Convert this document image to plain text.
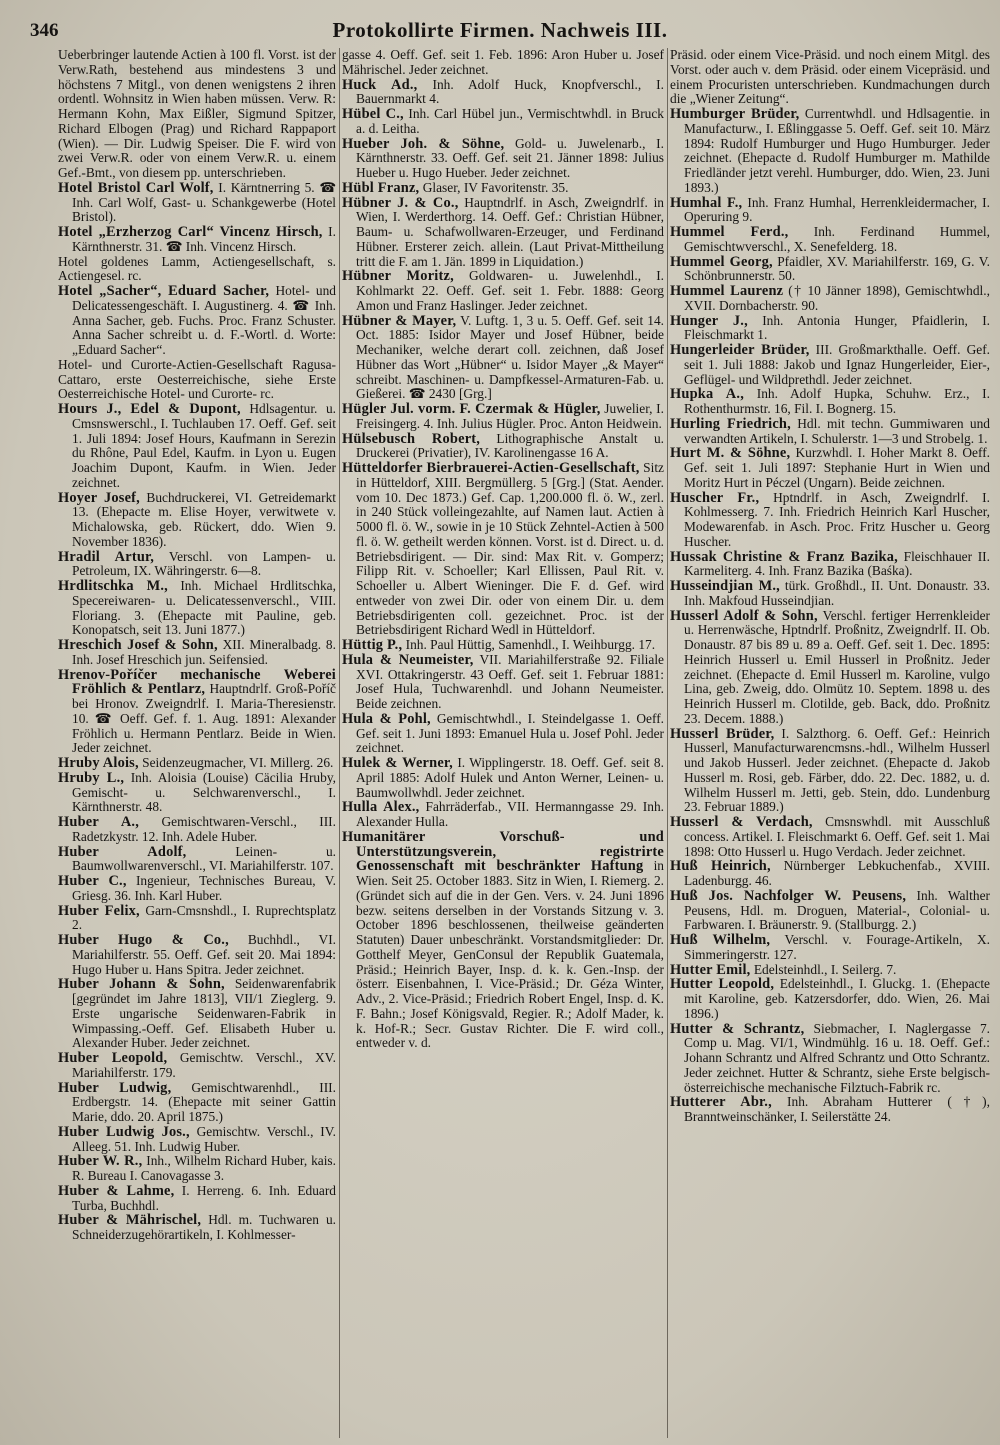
346	Protokollirte Firmen. Nachweis III.

Ueberbringer lautende Actien à 100 fl. Vorst. ist der Verw.Rath, bestehend aus mindestens 3 und höchstens 7 Mitgl., von denen wenigstens 2 ihren ordentl. Wohnsitz in Wien haben müssen. Verw. R: Hermann Kohn, Max Eißler, Sigmund Spitzer, Richard Elbogen (Prag) und Richard Rappaport (Wien). — Dir. Ludwig Speiser. Die F. wird von zwei Verw.R. oder von einem Verw.R. u. einem Gef.-Bmt., von diesem pp. unterschrieben.

Hotel Bristol Carl Wolf, I. Kärntnerring 5. ☎ Inh. Carl Wolf, Gast- u. Schankgewerbe (Hotel Bristol).

Hotel „Erzherzog Carl“ Vincenz Hirsch, I. Kärnthnerstr. 31. ☎ Inh. Vincenz Hirsch.

Hotel goldenes Lamm, Actiengesellschaft, s. Actiengesel. rc.

Hotel „Sacher“, Eduard Sacher, Hotel- und Delicatessengeschäft. I. Augustinerg. 4. ☎ Inh. Anna Sacher, geb. Fuchs. Proc. Franz Schuster. Anna Sacher schreibt u. d. F.-Wortl. d. Worte: „Eduard Sacher“.

Hotel- und Curorte-Actien-Gesellschaft Ragusa-Cattaro, erste Oesterreichische, siehe Erste Oesterreichische Hotel- und Curorte- rc.

Hours J., Edel & Dupont, Hdlsagentur. u. Cmsnswerschl., I. Tuchlauben 17. Oeff. Gef. seit 1. Juli 1894: Josef Hours, Kaufmann in Serezin du Rhône, Paul Edel, Kaufm. in Lyon u. Eugen Joachim Dupont, Kaufm. in Wien. Jeder zeichnet.

Hoyer Josef, Buchdruckerei, VI. Getreidemarkt 13. (Ehepacte m. Elise Hoyer, verwitwete v. Michalowska, geb. Rückert, ddo. Wien 9. November 1836).

Hradil Artur, Verschl. von Lampen- u. Petroleum, IX. Währingerstr. 6—8.

Hrdlitschka M., Inh. Michael Hrdlitschka, Specereiwaren- u. Delicatessenverschl., VIII. Floriang. 3. (Ehepacte mit Pauline, geb. Konopatsch, seit 13. Juni 1877.)

Hreschich Josef & Sohn, XII. Mineralbadg. 8. Inh. Josef Hreschich jun. Seifensied.

Hrenov-Poříčer mechanische Weberei Fröhlich & Pentlarz, Hauptndrlf. Groß-Poříč bei Hronov. Zweigndrlf. I. Maria-Theresienstr. 10. ☎ Oeff. Gef. f. 1. Aug. 1891: Alexander Fröhlich u. Hermann Pentlarz. Beide in Wien. Jeder zeichnet.

Hruby Alois, Seidenzeugmacher, VI. Millerg. 26.

Hruby L., Inh. Aloisia (Louise) Cäcilia Hruby, Gemischt- u. Selchwarenverschl., I. Kärnthnerstr. 48.

Huber A., Gemischtwaren-Verschl., III. Radetzkystr. 12. Inh. Adele Huber.

Huber Adolf,	Leinen- u. Baumwollwarenverschl., VI. Mariahilferstr. 107.

Huber C., Ingenieur, Technisches Bureau, V. Griesg. 36. Inh. Karl Huber.

Huber Felix, Garn-Cmsnshdl., I. Ruprechtsplatz 2.

Huber Hugo & Co., Buchhdl., VI. Mariahilferstr. 55. Oeff. Gef. seit 20. Mai 1894: Hugo Huber u. Hans Spitra. Jeder zeichnet.

Huber Johann & Sohn, Seidenwarenfabrik [gegründet im Jahre 1813], VII/1 Zieglerg. 9. Erste ungarische Seidenwaren-Fabrik in Wimpassing.-Oeff. Gef. Elisabeth Huber u. Alexander Huber. Jeder zeichnet.

Huber Leopold, Gemischtw. Verschl., XV. Mariahilferstr. 179.

Huber Ludwig, Gemischtwarenhdl., III. Erdbergstr. 14. (Ehepacte mit seiner Gattin Marie, ddo. 20. April 1875.)

Huber Ludwig Jos., Gemischtw. Verschl., IV. Alleeg. 51. Inh. Ludwig Huber.

Huber W. R., Inh., Wilhelm Richard Huber, kais. R. Bureau I. Canovagasse 3.

Huber & Lahme, I. Herreng. 6. Inh. Eduard Turba, Buchhdl.

Huber & Mährischel, Hdl. m. Tuchwaren u. Schneiderzugehörartikeln, I. Kohlmesser-

gasse 4. Oeff. Gef. seit 1. Feb. 1896: Aron Huber u. Josef Mährischel. Jeder zeichnet.

Huck Ad., Inh. Adolf Huck, Knopfverschl., I. Bauernmarkt 4.

Hübel C., Inh. Carl Hübel jun., Vermischtwhdl. in Bruck a. d. Leitha.

Hueber Joh. & Söhne, Gold- u. Juwelenarb., I. Kärnthnerstr. 33. Oeff. Gef. seit 21. Jänner 1898: Julius Hueber u. Hugo Hueber. Jeder zeichnet.

Hübl Franz, Glaser, IV Favoritenstr. 35.

Hübner J. & Co., Hauptndrlf. in Asch, Zweigndrlf. in Wien, I. Werderthorg. 14. Oeff. Gef.: Christian Hübner, Baum- u. Schafwollwaren-Erzeuger, und Ferdinand Hübner. Ersterer zeich. allein. (Laut Privat-Mittheilung tritt die F. am 1. Jän. 1899 in Liquidation.)

Hübner Moritz, Goldwaren- u. Juwelenhdl., I. Kohlmarkt 22. Oeff. Gef. seit 1. Febr. 1888: Georg Amon und Franz Haslinger. Jeder zeichnet.

Hübner & Mayer, V. Luftg. 1, 3 u. 5. Oeff. Gef. seit 14. Oct. 1885: Isidor Mayer und Josef Hübner, beide Mechaniker, welche derart coll. zeichnen, daß Josef Hübner das Wort „Hübner“ u. Isidor Mayer „& Mayer“ schreibt. Maschinen- u. Dampfkessel-Armaturen-Fab. u. Gießerei. ☎ 2430 [Grg.]

Hügler Jul. vorm. F. Czermak & Hügler, Juwelier, I. Freisingerg. 4. Inh. Julius Hügler. Proc. Anton Heidwein.

Hülsebusch Robert, Lithographische Anstalt u. Druckerei (Privatier), IV. Karolinengasse 16 A.

Hütteldorfer Bierbrauerei-Actien-Gesellschaft, Sitz in Hütteldorf, XIII. Bergmüllerg. 5 [Grg.] (Stat. Aender. vom 10. Dec 1873.) Gef. Cap. 1,200.000 fl. ö. W., zerl. in 240 Stück volleingezahlte, auf Namen laut. Actien à 5000 fl. ö. W., sowie in je 10 Stück Zehntel-Actien à 500 fl. ö. W. getheilt werden können. Vorst. ist d. Direct. u. d. Betriebsdirigent. — Dir. sind: Max Rit. v. Gomperz; Filipp Rit. v. Schoeller; Karl Ellissen, Paul Rit. v. Schoeller u. Albert Wieninger. Die F. d. Gef. wird entweder von zwei Dir. oder von einem Dir. u. dem Betriebsdirigenten coll. gezeichnet. Proc. ist der Betriebsdirigent Richard Wedl in Hütteldorf.

Hüttig P., Inh. Paul Hüttig, Samenhdl., I. Weihburgg. 17.

Hula & Neumeister, VII. Mariahilferstraße 92. Filiale XVI. Ottakringerstr. 43 Oeff. Gef. seit 1. Februar 1881: Josef Hula, Tuchwarenhdl. und Johann Neumeister. Beide zeichnen.

Hula & Pohl, Gemischtwhdl., I. Steindelgasse 1. Oeff. Gef. seit 1. Juni 1893: Emanuel Hula u. Josef Pohl. Jeder zeichnet.

Hulek & Werner, I. Wipplingerstr. 18. Oeff. Gef. seit 8. April 1885: Adolf Hulek und Anton Werner, Leinen- u. Baumwollwhdl. Jeder zeichnet.

Hulla Alex., Fahrräderfab., VII. Hermanngasse 29. Inh. Alexander Hulla.

Humanitärer Vorschuß- und Unterstützungsverein, registrirte Genossenschaft mit beschränkter Haftung in Wien. Seit 25. October 1883. Sitz in Wien, I. Riemerg. 2. (Gründet sich auf die in der Gen. Vers. v. 24. Juni 1896 bezw. seitens derselben in der Vorstands Sitzung v. 3. October 1896 beschlossenen, theilweise geänderten Statuten) Dauer unbeschränkt. Vorstandsmitglieder: Dr. Gotthelf Meyer, GenConsul der Republik Guatemala, Präsid.; Heinrich Bayer, Insp. d. k. k. Gen.-Insp. der österr. Eisenbahnen, I. Vice-Präsid.; Dr. Géza Winter, Adv., 2. Vice-Präsid.; Friedrich Robert Engel, Insp. d. K. F. Bahn.; Josef Königsvald, Regier. R.; Adolf Mader, k. k. Hof-R.; Secr. Gustav Richter. Die F. wird coll., entweder v. d.

Präsid. oder einem Vice-Präsid. und noch einem Mitgl. des Vorst. oder auch v. dem Präsid. oder einem Vicepräsid. und einem Procuristen unterschrieben. Kundmachungen durch die „Wiener Zeitung“.

Humburger Brüder, Currentwhdl. und Hdlsagentie. in Manufacturw., I. Eßlinggasse 5. Oeff. Gef. seit 10. März 1894: Rudolf Humburger und Hugo Humburger. Jeder zeichnet. (Ehepacte d. Rudolf Humburger m. Mathilde Friedländer jetzt verehl. Humburger, ddo. Wien, 23. Juni 1893.)

Humhal F., Inh. Franz Humhal, Herrenkleidermacher, I. Operuring 9.

Hummel Ferd., Inh. Ferdinand Hummel, Gemischtwverschl., X. Senefelderg. 18.

Hummel Georg, Pfaidler, XV. Mariahilferstr. 169, G. V. Schönbrunnerstr. 50.

Hummel Laurenz († 10 Jänner 1898), Gemischtwhdl., XVII. Dornbacherstr. 90.

Hunger J., Inh. Antonia Hunger, Pfaidlerin, I. Fleischmarkt 1.

Hungerleider Brüder, III. Großmarkthalle. Oeff. Gef. seit 1. Juli 1888: Jakob und Ignaz Hungerleider, Eier-, Geflügel- und Wildprethdl. Jeder zeichnet.

Hupka A., Inh. Adolf Hupka, Schuhw. Erz., I. Rothenthurmstr. 16, Fil. I. Bognerg. 15.

Hurling Friedrich, Hdl. mit techn. Gummiwaren und verwandten Artikeln, I. Schulerstr. 1—3 und Strobelg. 1.

Hurt M. & Söhne, Kurzwhdl. I. Hoher Markt 8. Oeff. Gef. seit 1. Juli 1897: Stephanie Hurt in Wien und Moritz Hurt in Péczel (Ungarn). Beide zeichnen.

Huscher Fr., Hptndrlf. in Asch, Zweigndrlf. I. Kohlmesserg. 7. Inh. Friedrich Heinrich Karl Huscher, Modewarenfab. in Asch. Proc. Fritz Huscher u. Georg Huscher.

Hussak Christine & Franz Bazika, Fleischhauer II. Karmeliterg. 4. Inh. Franz Bazika (Baśka).

Husseindjian M., türk. Großhdl., II. Unt. Donaustr. 33. Inh. Makfoud Husseindjian.

Husserl Adolf & Sohn, Verschl. fertiger Herrenkleider u. Herrenwäsche, Hptndrlf. Proßnitz, Zweigndrlf. II. Ob. Donaustr. 87 bis 89 u. 89 a. Oeff. Gef. seit 1. Dec. 1895: Heinrich Husserl u. Emil Husserl in Proßnitz. Jeder zeichnet. (Ehepacte d. Emil Husserl m. Karoline, vulgo Lina, geb. Zweig, ddo. Olmütz 10. Septem. 1898 u. des Heinrich Husserl m. Clotilde, geb. Back, ddo. Proßnitz 23. Decem. 1888.)

Husserl Brüder, I. Salzthorg. 6. Oeff. Gef.: Heinrich Husserl, Manufacturwarencmsns.-hdl., Wilhelm Husserl und Jakob Husserl. Jeder zeichnet. (Ehepacte d. Jakob Husserl m. Rosi, geb. Färber, ddo. 22. Dec. 1882, u. d. Wilhelm Husserl m. Jetti, geb. Stein, ddo. Lundenburg 23. Februar 1889.)

Husserl & Verdach, Cmsnswhdl. mit Ausschluß concess. Artikel. I. Fleischmarkt 6. Oeff. Gef. seit 1. Mai 1898: Otto Husserl u. Hugo Verdach. Jeder zeichnet.

Huß Heinrich, Nürnberger Lebkuchenfab., XVIII. Ladenburgg. 46.

Huß Jos. Nachfolger W. Peusens, Inh. Walther Peusens, Hdl. m. Droguen, Material-, Colonial- u. Farbwaren. I. Bräunerstr. 9. (Stallburgg. 2.)

Huß Wilhelm, Verschl. v. Fourage-Artikeln, X. Simmeringerstr. 127.

Hutter Emil, Edelsteinhdl., I. Seilerg. 7.

Hutter Leopold, Edelsteinhdl., I. Gluckg. 1. (Ehepacte mit Karoline, geb. Katzersdorfer, ddo. Wien, 26. Mai 1896.)

Hutter & Schrantz, Siebmacher, I. Naglergasse 7. Comp u. Mag. VI/1, Windmühlg. 16 u. 18. Oeff. Gef.: Johann Schrantz und Alfred Schrantz und Otto Schrantz. Jeder zeichnet. Hutter & Schrantz, siehe Erste belgisch-österreichische mechanische Filztuch-Fabrik rc.

Hutterer Abr., Inh. Abraham Hutterer (†), Branntweinschänker, I. Seilerstätte 24.
